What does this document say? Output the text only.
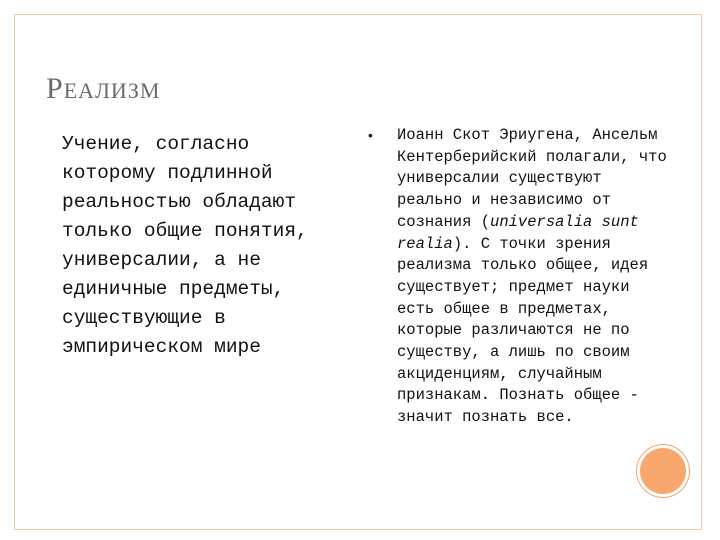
РЕАЛИЗМ
Учение, согласно которому подлинной реальностью обладают только общие понятия, универсалии, а не единичные предметы, существующие в эмпирическом мире
• Иоанн Скот Эриугена, Ансельм Кентерберийский полагали, что универсалии существуют реально и независимо от сознания (universalia sunt realia). С точки зрения реализма только общее, идея существует; предмет науки есть общее в предметах, которые различаются не по существу, а лишь по своим акциденциям, случайным признакам. Познать общее - значит познать все.
